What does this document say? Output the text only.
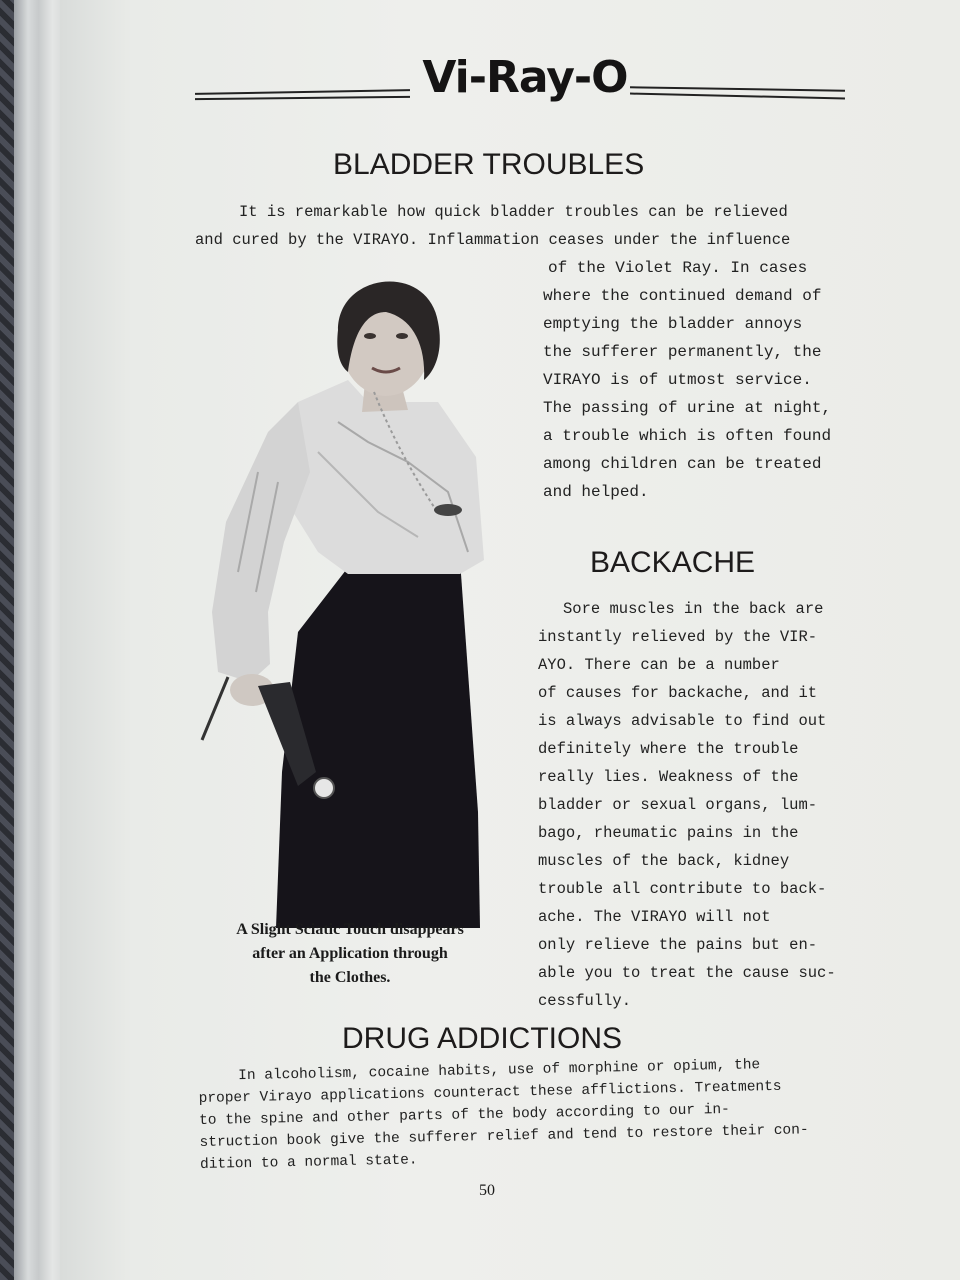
Vi-Ray-O
BLADDER TROUBLES

It is remarkable how quick bladder troubles can be relieved
and cured by the VIRAYO. Inflammation ceases under the influence

of the Violet Ray. In cases
where the continued demand of
emptying the bladder annoys
the sufferer permanently, the
VIRAYO is of utmost service.
The passing of urine at night,
a trouble which is often found
among children can be treated
and helped.

A Slight Sciatic Touch disappears
after an Application through
the Clothes.

BACKACHE

Sore muscles in the back are
instantly relieved by the VIR-
AYO. There can be a number
of causes for backache, and it
is always advisable to find out
definitely where the trouble
really lies. Weakness of the
bladder or sexual organs, lum-
bago, rheumatic pains in the
muscles of the back, kidney
trouble all contribute to back-
ache. The VIRAYO will not
only relieve the pains but en-
able you to treat the cause suc-
cessfully.

DRUG ADDICTIONS

In alcoholism, cocaine habits, use of morphine or opium, the
proper Virayo applications counteract these afflictions. Treatments
to the spine and other parts of the body according to our in-
struction book give the sufferer relief and tend to restore their con-
dition to a normal state.

50
